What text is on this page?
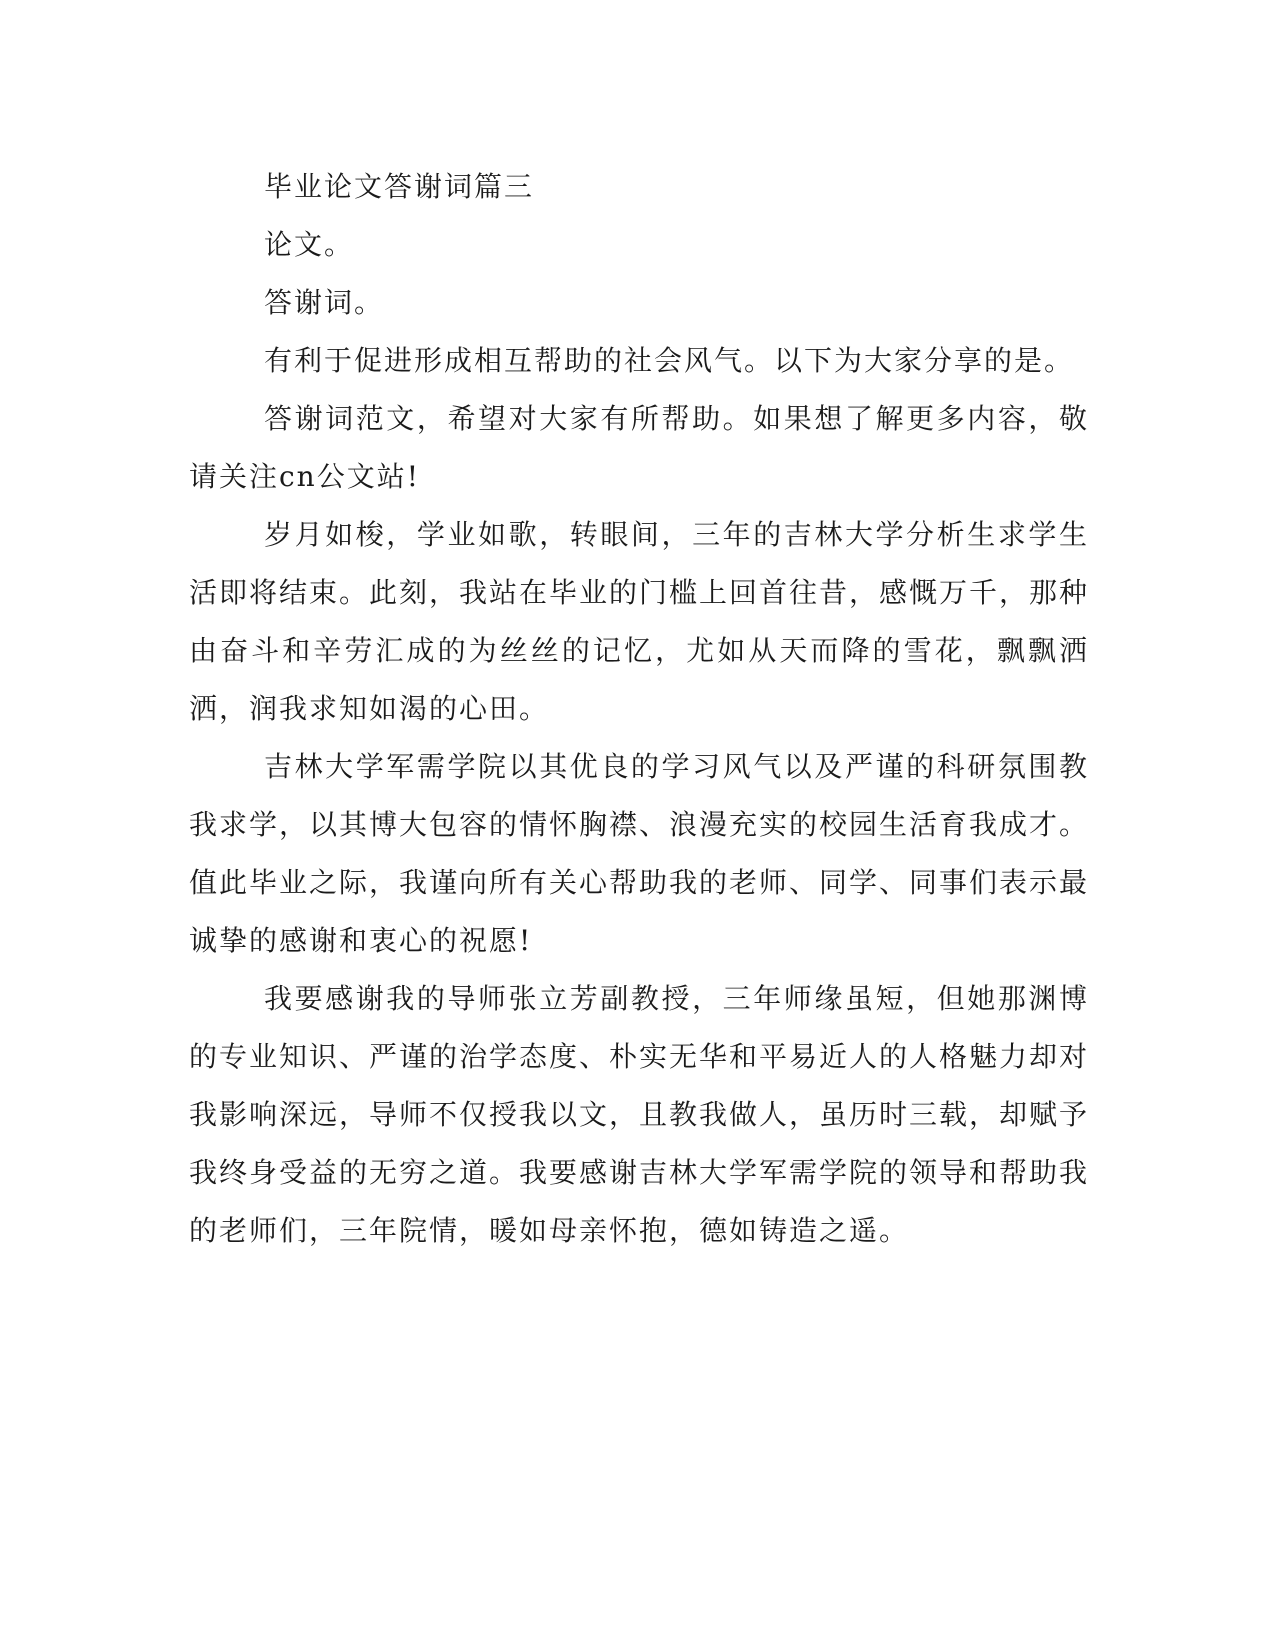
毕业论文答谢词篇三

论文。

答谢词。

有利于促进形成相互帮助的社会风气。以下为大家分享的是。

答谢词范文，希望对大家有所帮助。如果想了解更多内容，敬请关注cn公文站!

岁月如梭，学业如歌，转眼间，三年的吉林大学分析生求学生活即将结束。此刻，我站在毕业的门槛上回首往昔，感慨万千，那种由奋斗和辛劳汇成的为丝丝的记忆，尤如从天而降的雪花，飘飘洒洒，润我求知如渴的心田。

吉林大学军需学院以其优良的学习风气以及严谨的科研氛围教我求学，以其博大包容的情怀胸襟、浪漫充实的校园生活育我成才。值此毕业之际，我谨向所有关心帮助我的老师、同学、同事们表示最诚挚的感谢和衷心的祝愿!

我要感谢我的导师张立芳副教授，三年师缘虽短，但她那渊博的专业知识、严谨的治学态度、朴实无华和平易近人的人格魅力却对我影响深远，导师不仅授我以文，且教我做人，虽历时三载，却赋予我终身受益的无穷之道。我要感谢吉林大学军需学院的领导和帮助我的老师们，三年院情，暖如母亲怀抱，德如铸造之遥。
